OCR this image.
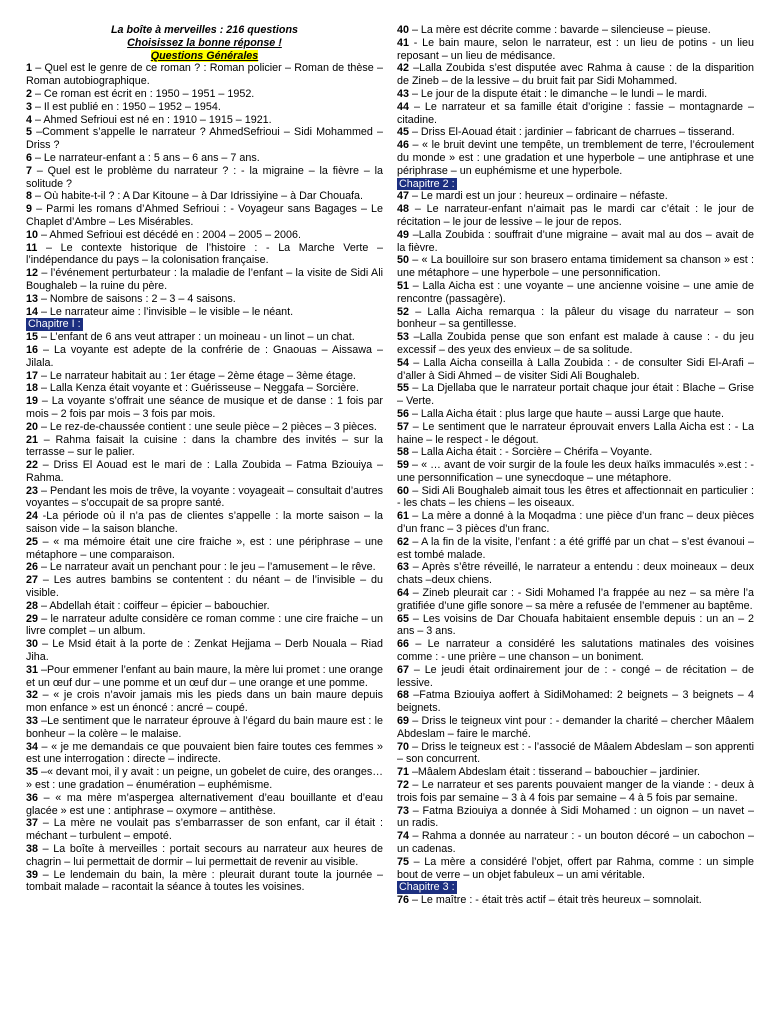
La boîte à merveilles : 216 questions
Choisissez la bonne réponse !
Questions Générales
1 – Quel est le genre de ce roman ? : Roman policier – Roman de thèse – Roman autobiographique.
2 – Ce roman est écrit en : 1950 – 1951 – 1952.
3 – Il est publié en : 1950 – 1952 – 1954.
4 – Ahmed Sefrioui est né en : 1910 – 1915 – 1921.
5 –Comment s’appelle le narrateur ? AhmedSefrioui – Sidi Mohammed – Driss ?
6 – Le narrateur-enfant a : 5 ans – 6 ans – 7 ans.
7 – Quel est le problème du narrateur ? : - la migraine – la fièvre – la solitude ?
8 – Où habite-t-il ? : A Dar Kitoune – à Dar Idrissiyine – à Dar Chouafa.
9 – Parmi les romans d’Ahmed Sefrioui : - Voyageur sans Bagages – Le Chaplet d’Ambre – Les Misérables.
10 – Ahmed Sefrioui est décédé en : 2004 – 2005 – 2006.
11 – Le contexte historique de l’histoire : - La Marche Verte – l’indépendance du pays – la colonisation française.
12 – l’événement perturbateur : la maladie de l’enfant – la visite de Sidi Ali Boughaleb – la ruine du père.
13 – Nombre de saisons : 2 – 3 – 4 saisons.
14 – Le narrateur aime : l’invisible – le visible – le néant.
Chapitre I :
15 – L’enfant de 6 ans veut attraper : un moineau - un linot – un chat.
16 – La voyante est adepte de la confrérie de : Gnaouas – Aissawa – Jilala.
17 – Le narrateur habitait au : 1er étage – 2ème étage – 3ème étage.
18 – Lalla Kenza était voyante et : Guérisseuse – Neggafa – Sorcière.
19 – La voyante s’offrait une séance de musique et de danse : 1 fois par mois – 2 fois par mois – 3 fois par mois.
20 – Le rez-de-chaussée contient : une seule pièce – 2 pièces – 3 pièces.
21 – Rahma faisait la cuisine : dans la chambre des invités – sur la terrasse – sur le palier.
22 – Driss El Aouad est le mari de : Lalla Zoubida – Fatma Bziouiya – Rahma.
23 – Pendant les mois de trêve, la voyante : voyageait – consultait d’autres voyantes – s’occupait de sa propre santé.
24 -La période où il n’a pas de clientes s’appelle : la morte saison – la saison vide – la saison blanche.
25 – « ma mémoire était une cire fraiche », est : une périphrase – une métaphore – une comparaison.
26 – Le narrateur avait un penchant pour : le jeu – l’amusement – le rêve.
27 – Les autres bambins se contentent : du néant – de l’invisible – du visible.
28 – Abdellah était : coiffeur – épicier – babouchier.
29 – le narrateur adulte considère ce roman comme : une cire fraiche – un livre complet – un album.
30 – Le Msid était à la porte de : Zenkat Hejjama – Derb Nouala – Riad Jiha.
31 –Pour emmener l’enfant au bain maure, la mère lui promet : une orange et un œuf dur – une pomme et un œuf dur – une orange et une pomme.
32 – « je crois n’avoir jamais mis les pieds dans un bain maure depuis mon enfance » est un énoncé : ancré – coupé.
33 –Le sentiment que le narrateur éprouve à l’égard du bain maure est : le bonheur – la colère – le malaise.
34 – « je me demandais ce que pouvaient bien faire toutes ces femmes » est une interrogation : directe – indirecte.
35 –« devant moi, il y avait : un peigne, un gobelet de cuire, des oranges… » est : une gradation – énumération – euphémisme.
36 – « ma mère m’aspergea alternativement d’eau bouillante et d’eau glacée » est une : antiphrase – oxymore – antithèse.
37 – La mère ne voulait pas s’embarrasser de son enfant, car il était : méchant – turbulent – empoté.
38 – La boîte à merveilles : portait secours au narrateur aux heures de chagrin – lui permettait de dormir – lui permettait de revenir au visible.
39 – Le lendemain du bain, la mère : pleurait durant toute la journée – tombait malade – racontait la séance à toutes les voisines.
40 – La mère est décrite comme : bavarde – silencieuse – pieuse.
41 - Le bain maure, selon le narrateur, est : un lieu de potins - un lieu reposant – un lieu de médisance.
42 –Lalla Zoubida s’est disputée avec Rahma à cause : de la disparition de Zineb – de la lessive – du bruit fait par Sidi Mohammed.
43 – Le jour de la dispute était : le dimanche – le lundi – le mardi.
44 – Le narrateur et sa famille était d’origine : fassie – montagnarde – citadine.
45 – Driss El-Aouad était : jardinier – fabricant de charrues – tisserand.
46 – « le bruit devint une tempête, un tremblement de terre, l’écroulement du monde » est : une gradation et une hyperbole – une antiphrase et une périphrase – un euphémisme et une hyperbole.
Chapitre 2 :
47 – Le mardi est un jour : heureux – ordinaire – néfaste.
48 – Le narrateur-enfant n’aimait pas le mardi car c’était : le jour de récitation – le jour de lessive – le jour de repos.
49 –Lalla Zoubida : souffrait d’une migraine – avait mal au dos – avait de la fièvre.
50 – « La bouilloire sur son brasero entama timidement sa chanson » est : une métaphore – une hyperbole – une personnification.
51 – Lalla Aicha est : une voyante – une ancienne voisine – une amie de rencontre (passagère).
52 – Lalla Aicha remarqua : la pâleur du visage du narrateur – son bonheur – sa gentillesse.
53 –Lalla Zoubida pense que son enfant est malade à cause : - du jeu excessif – des yeux des envieux – de sa solitude.
54 – Lalla Aicha conseilla à Lalla Zoubida : - de consulter Sidi El-Arafi – d’aller à Sidi Ahmed – de visiter Sidi Ali Boughaleb.
55 – La Djellaba que le narrateur portait chaque jour était : Blache – Grise – Verte.
56 – Lalla Aicha était : plus large que haute – aussi Large que haute.
57 – Le sentiment que le narrateur éprouvait envers Lalla Aicha est : - La haine – le respect - le dégout.
58 – Lalla Aicha était : - Sorcière – Chérifa – Voyante.
59 – « … avant de voir surgir de la foule les deux haïks immaculés ».est : - une personnification – une synecdoque – une métaphore.
60 – Sidi Ali Boughaleb aimait tous les êtres et affectionnait en particulier : - les chats – les chiens – les oiseaux.
61 – La mère a donné à la Moqadma : une pièce d’un franc – deux pièces d’un franc – 3 pièces d’un franc.
62 – A la fin de la visite, l’enfant : a été griffé par un chat – s’est évanoui – est tombé malade.
63 – Après s’être réveillé, le narrateur a entendu : deux moineaux – deux chats –deux chiens.
64 – Zineb pleurait car : - Sidi Mohamed l’a frappée au nez – sa mère l’a gratifiée d’une gifle sonore – sa mère a refusée de l’emmener au baptême.
65 – Les voisins de Dar Chouafa habitaient ensemble depuis : un an – 2 ans – 3 ans.
66 – Le narrateur a considéré les salutations matinales des voisines comme : - une prière – une chanson – un boniment.
67 – Le jeudi était ordinairement jour de : - congé – de récitation – de lessive.
68 –Fatma Bziouiya aoffert à SidiMohamed: 2 beignets – 3 beignets – 4 beignets.
69 – Driss le teigneux vint pour : - demander la charité – chercher Mâalem Abdeslam – faire le marché.
70 – Driss le teigneux est : - l’associé de Mâalem Abdeslam – son apprenti – son concurrent.
71 –Mâalem Abdeslam était : tisserand – babouchier – jardinier.
72 – Le narrateur et ses parents pouvaient manger de la viande : - deux à trois fois par semaine – 3 à 4 fois par semaine – 4 à 5 fois par semaine.
73 – Fatma Bziouiya a donnée à Sidi Mohamed : un oignon – un navet – un radis.
74 – Rahma a donnée au narrateur : - un bouton décoré – un cabochon – un cadenas.
75 – La mère a considéré l’objet, offert par Rahma, comme : un simple bout de verre – un objet fabuleux – un ami véritable.
Chapitre 3 :
76 – Le maître : - était très actif – était très heureux – somnolait.
